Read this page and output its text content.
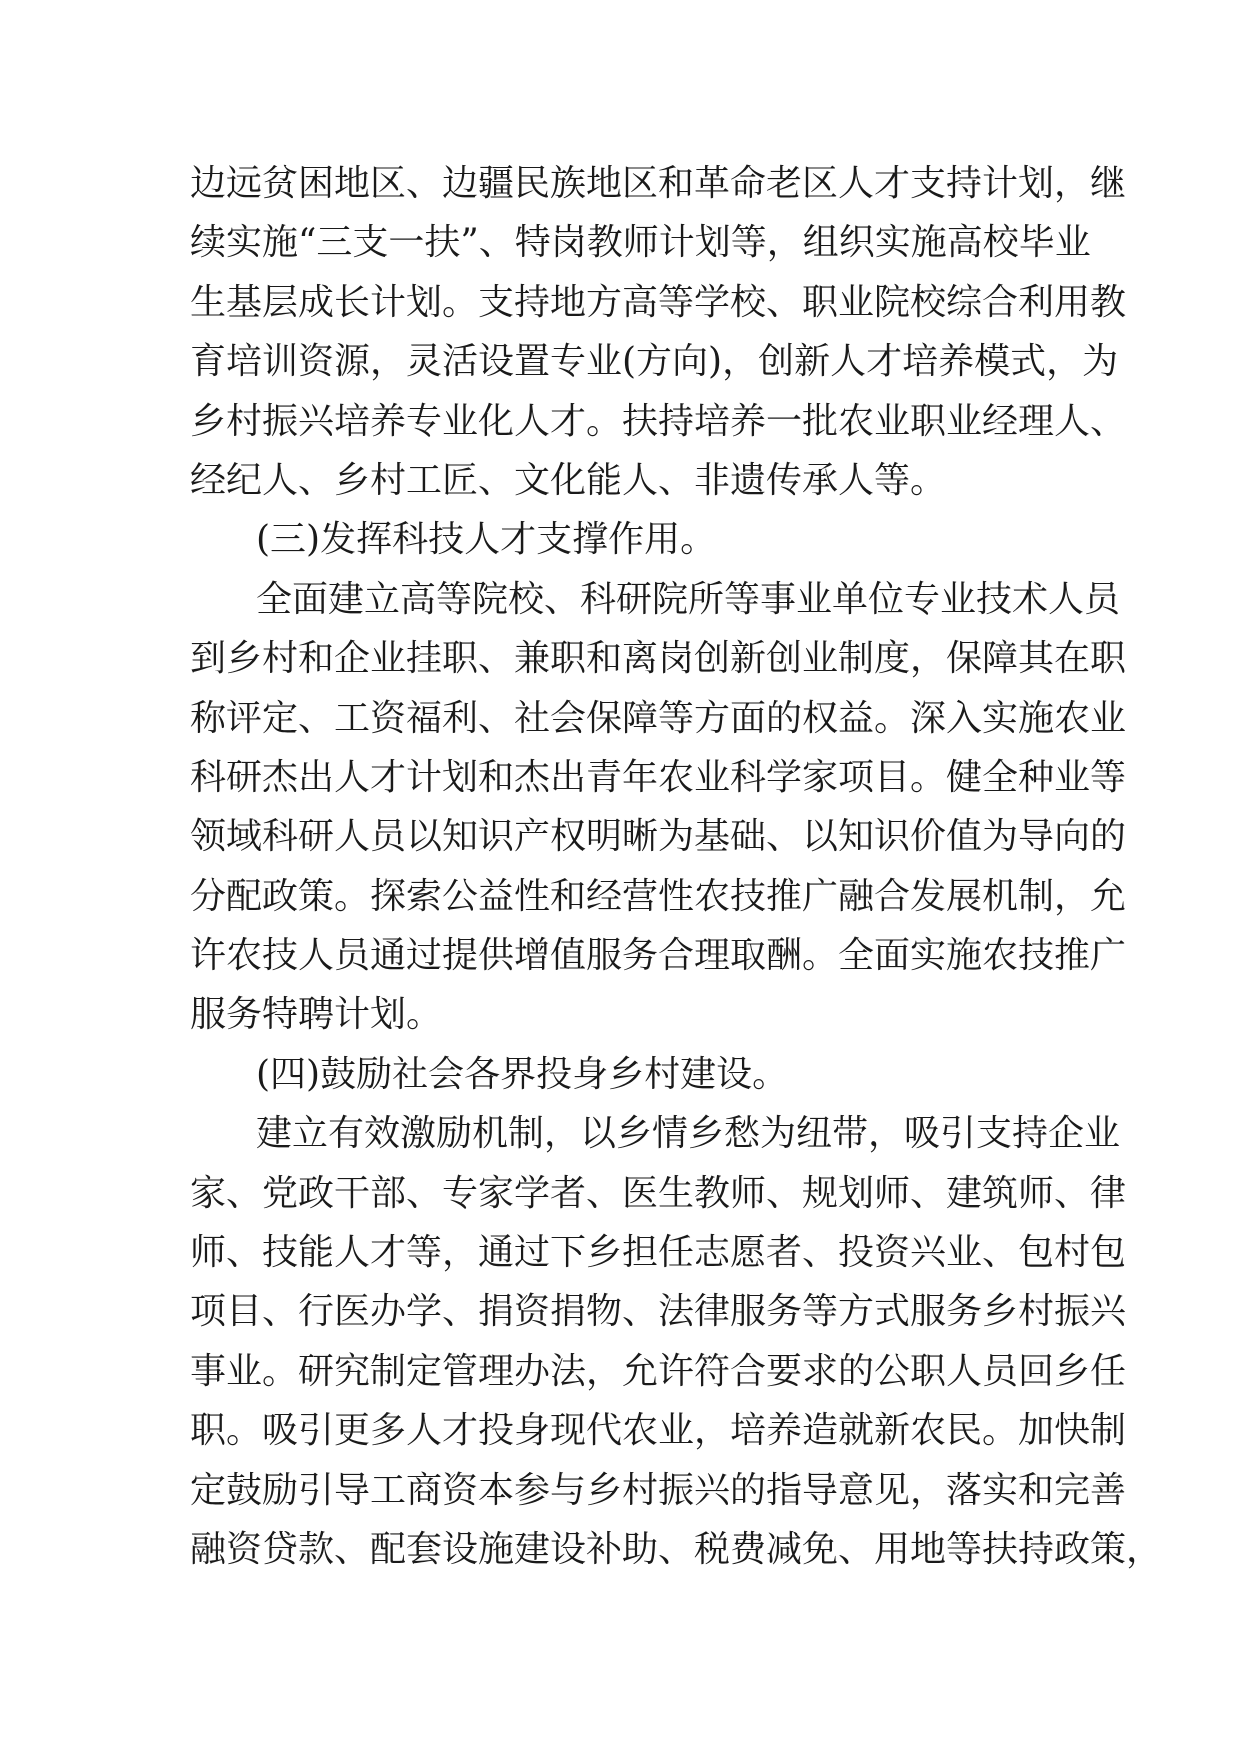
边远贫困地区、边疆民族地区和革命老区人才支持计划，继
续实施“三支一扶”、特岗教师计划等，组织实施高校毕业
生基层成长计划。支持地方高等学校、职业院校综合利用教
育培训资源，灵活设置专业(方向)，创新人才培养模式，为
乡村振兴培养专业化人才。扶持培养一批农业职业经理人、
经纪人、乡村工匠、文化能人、非遗传承人等。
(三)发挥科技人才支撑作用。
全面建立高等院校、科研院所等事业单位专业技术人员
到乡村和企业挂职、兼职和离岗创新创业制度，保障其在职
称评定、工资福利、社会保障等方面的权益。深入实施农业
科研杰出人才计划和杰出青年农业科学家项目。健全种业等
领域科研人员以知识产权明晰为基础、以知识价值为导向的
分配政策。探索公益性和经营性农技推广融合发展机制，允
许农技人员通过提供增值服务合理取酬。全面实施农技推广
服务特聘计划。
(四)鼓励社会各界投身乡村建设。
建立有效激励机制，以乡情乡愁为纽带，吸引支持企业
家、党政干部、专家学者、医生教师、规划师、建筑师、律
师、技能人才等，通过下乡担任志愿者、投资兴业、包村包
项目、行医办学、捐资捐物、法律服务等方式服务乡村振兴
事业。研究制定管理办法，允许符合要求的公职人员回乡任
职。吸引更多人才投身现代农业，培养造就新农民。加快制
定鼓励引导工商资本参与乡村振兴的指导意见，落实和完善
融资贷款、配套设施建设补助、税费减免、用地等扶持政策，
